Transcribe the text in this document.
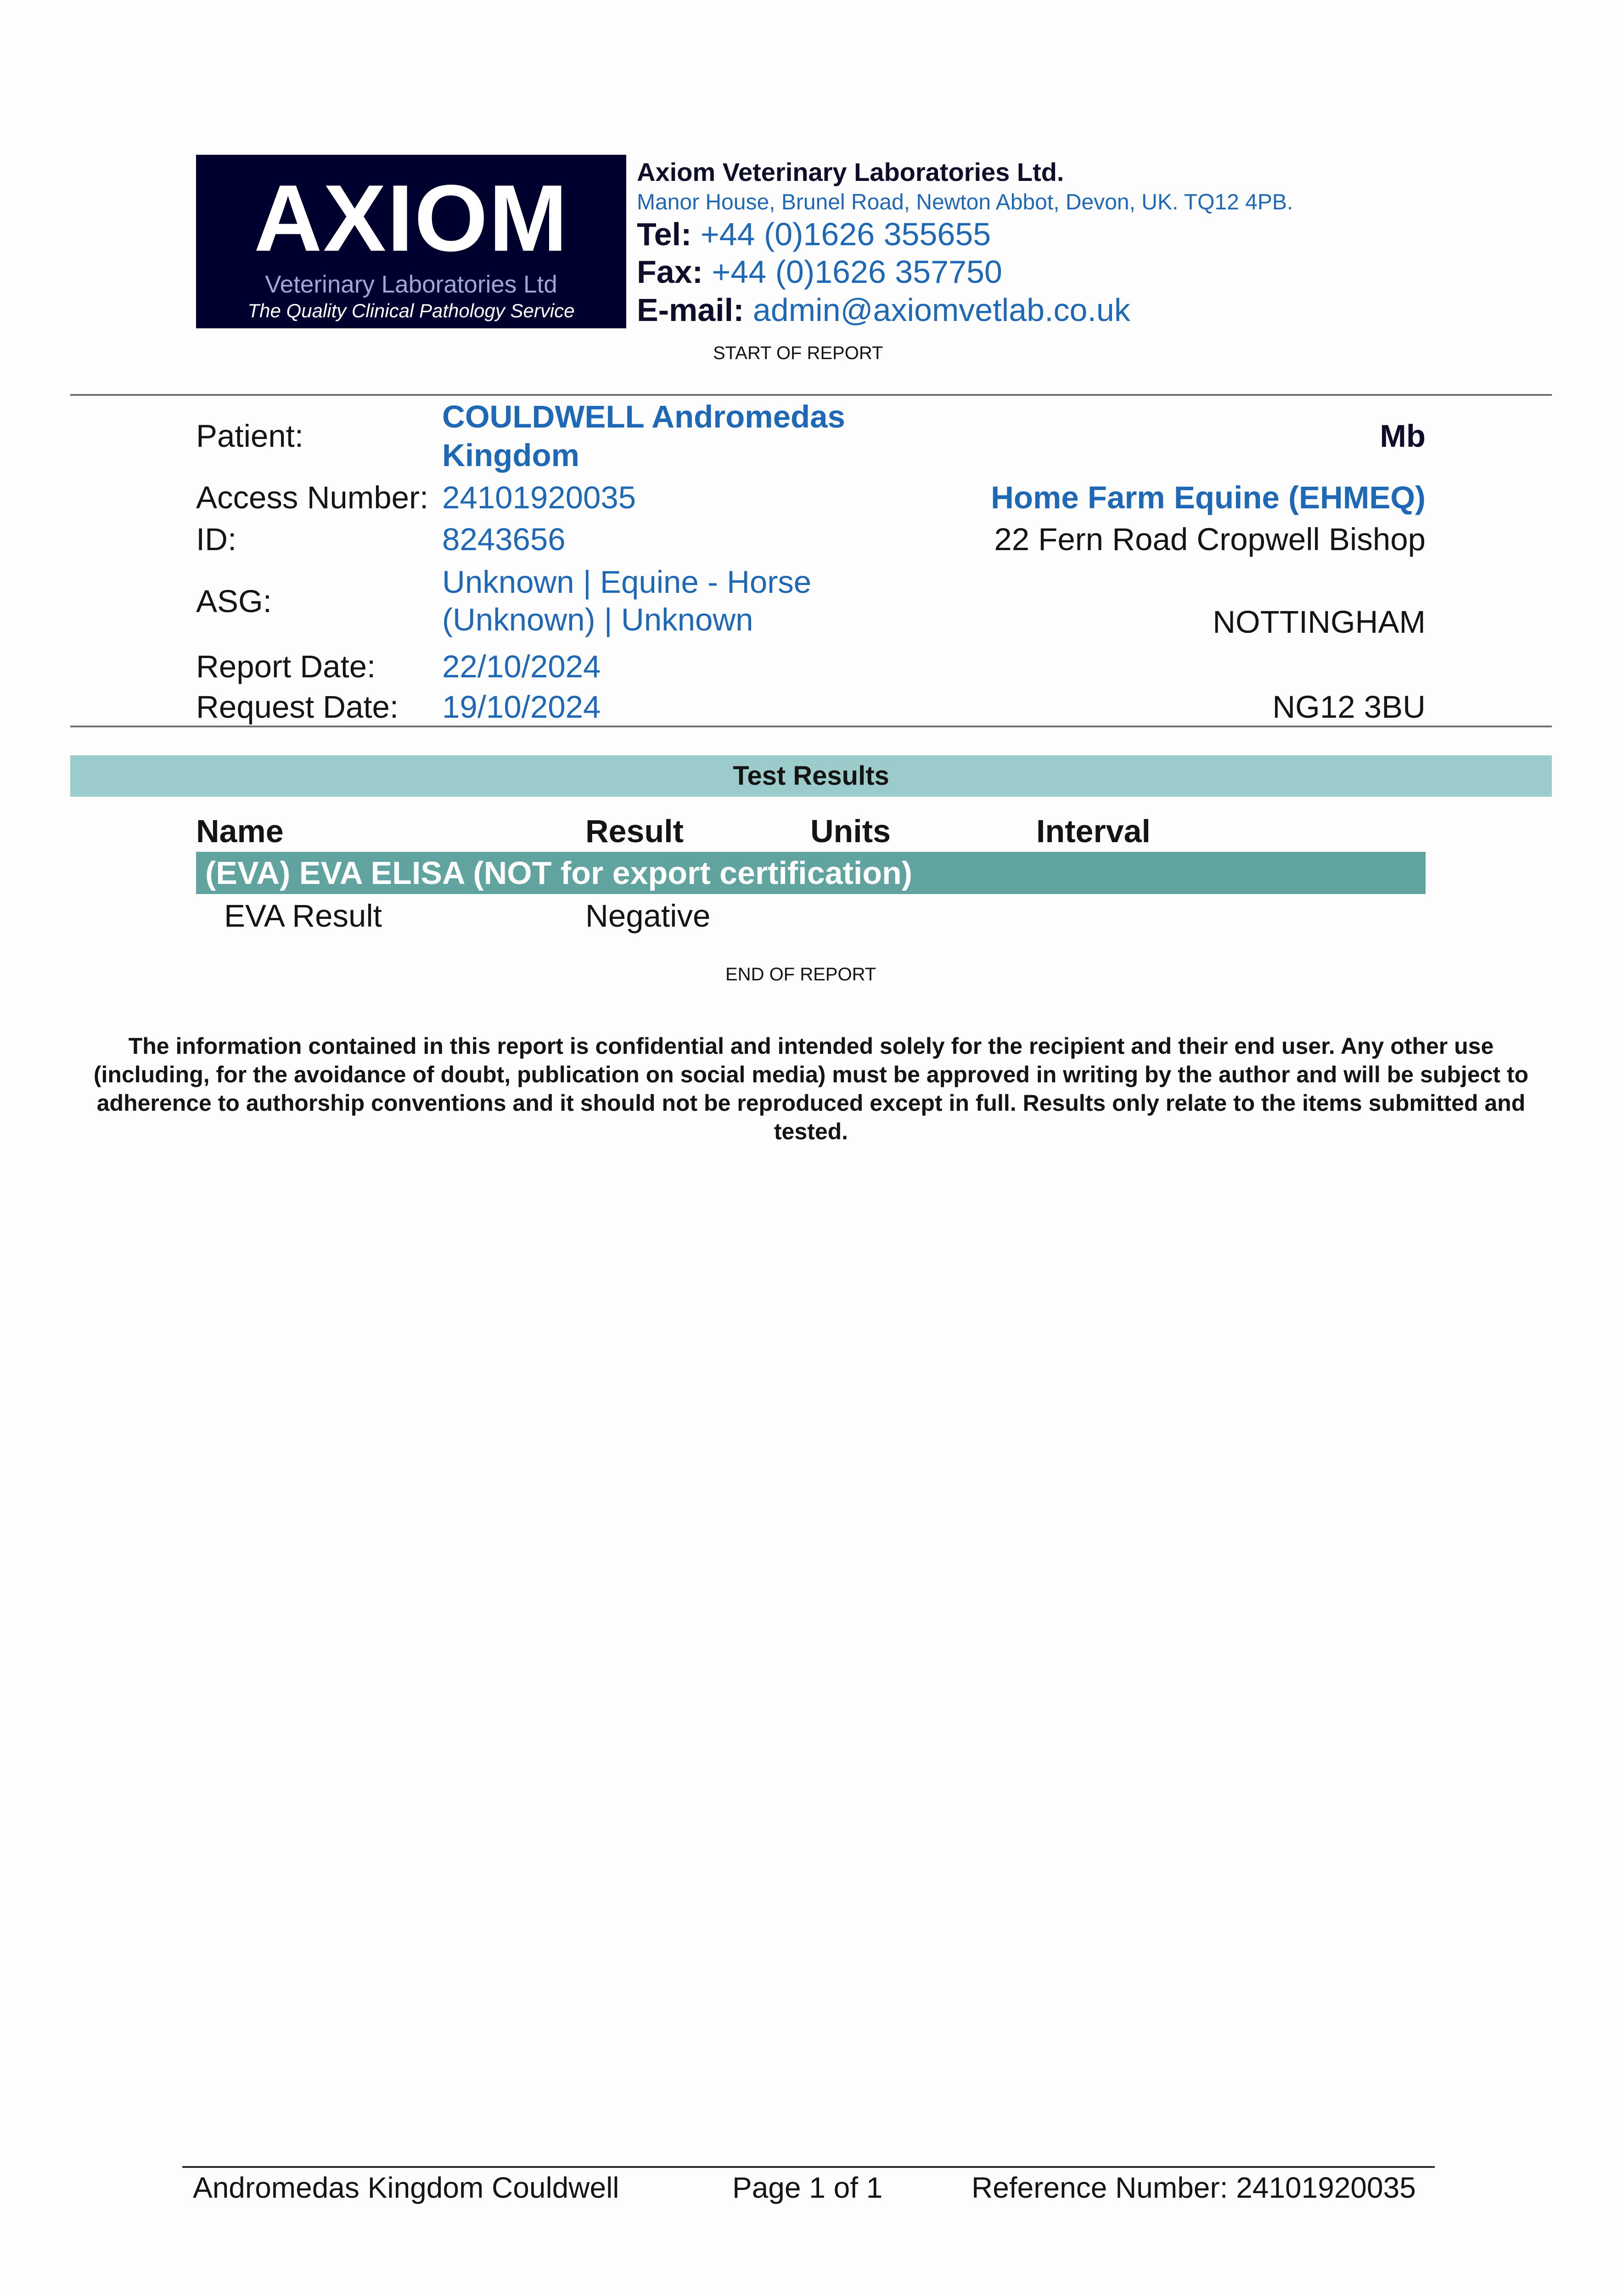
AXIOM
Veterinary Laboratories Ltd
The Quality Clinical Pathology Service
Axiom Veterinary Laboratories Ltd.
Manor House, Brunel Road, Newton Abbot, Devon, UK. TQ12 4PB.
Tel: +44 (0)1626 355655
Fax: +44 (0)1626 357750
E-mail: admin@axiomvetlab.co.uk
START OF REPORT
Patient:
COULDWELL Andromedas
Kingdom
Access Number: 24101920035
ID:	8243656
ASG:
Unknown | Equine - Horse
(Unknown) | Unknown
Report Date: 22/10/2024
Request Date: 19/10/2024
Mb
Home Farm Equine (EHMEQ)
22 Fern Road Cropwell Bishop
NOTTINGHAM
NG12 3BU
Test Results
Name	Result	Units	Interval
(EVA) EVA ELISA (NOT for export certification)
EVA Result	Negative
END OF REPORT
The information contained in this report is confidential and intended solely for the recipient and their end user. Any other use (including, for the avoidance of doubt, publication on social media) must be approved in writing by the author and will be subject to adherence to authorship conventions and it should not be reproduced except in full. Results only relate to the items submitted and tested.
Andromedas Kingdom Couldwell	Page 1 of 1	Reference Number: 24101920035
